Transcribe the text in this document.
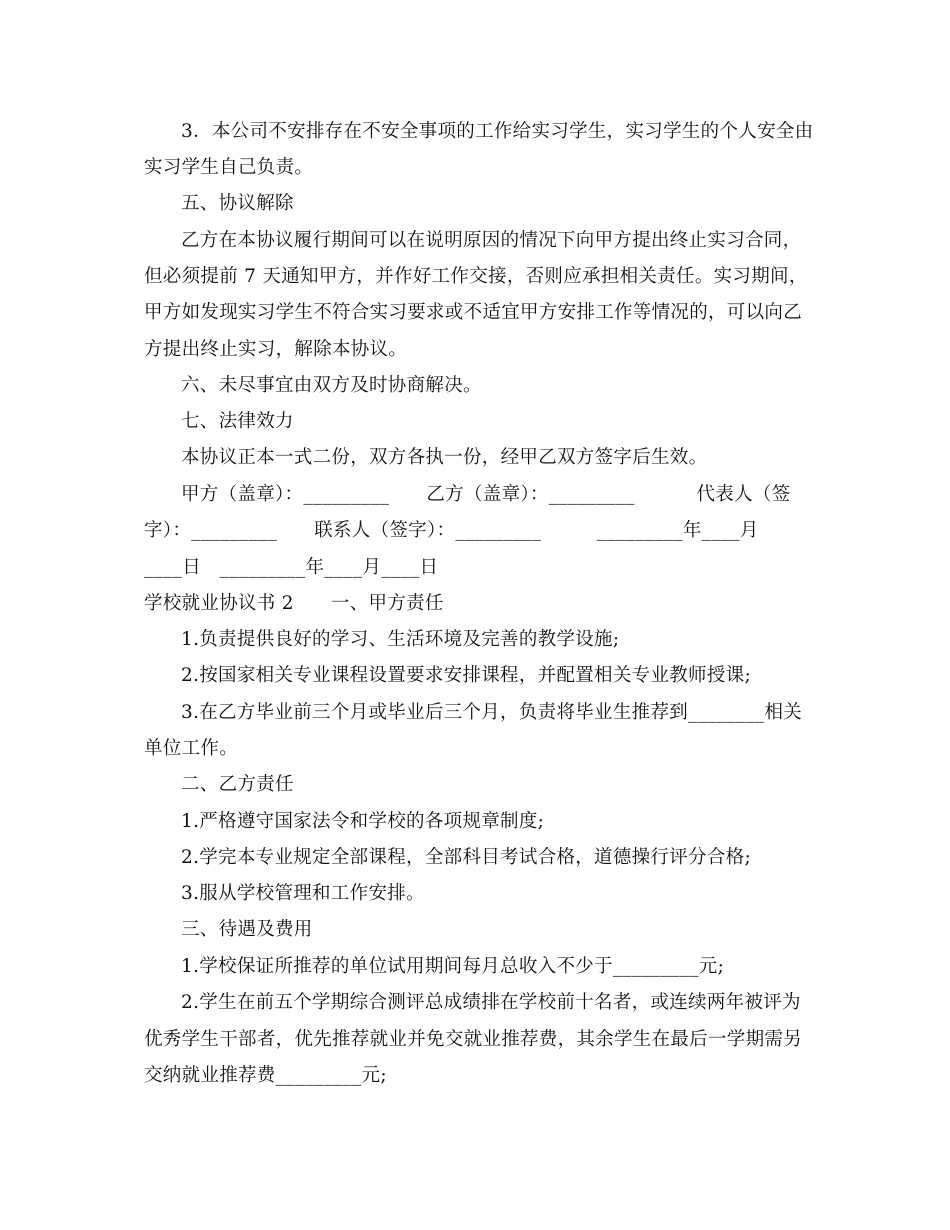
3．本公司不安排存在不安全事项的工作给实习学生，实习学生的个人安全由
实习学生自己负责。
五、协议解除
乙方在本协议履行期间可以在说明原因的情况下向甲方提出终止实习合同，
但必须提前 7 天通知甲方，并作好工作交接，否则应承担相关责任。实习期间，
甲方如发现实习学生不符合实习要求或不适宜甲方安排工作等情况的，可以向乙
方提出终止实习，解除本协议。
六、未尽事宜由双方及时协商解决。
七、法律效力
本协议正本一式二份，双方各执一份，经甲乙双方签字后生效。
甲方（盖章）：_________      乙方（盖章）：_________          代表人（签
字）：_________      联系人（签字）：_________         _________年____月
____日   _________年____月____日
学校就业协议书 2      一、甲方责任
1.负责提供良好的学习、生活环境及完善的教学设施;
2.按国家相关专业课程设置要求安排课程，并配置相关专业教师授课;
3.在乙方毕业前三个月或毕业后三个月，负责将毕业生推荐到________相关
单位工作。
二、乙方责任
1.严格遵守国家法令和学校的各项规章制度;
2.学完本专业规定全部课程，全部科目考试合格，道德操行评分合格;
3.服从学校管理和工作安排。
三、待遇及费用
1.学校保证所推荐的单位试用期间每月总收入不少于_________元;
2.学生在前五个学期综合测评总成绩排在学校前十名者，或连续两年被评为
优秀学生干部者，优先推荐就业并免交就业推荐费，其余学生在最后一学期需另
交纳就业推荐费_________元;
